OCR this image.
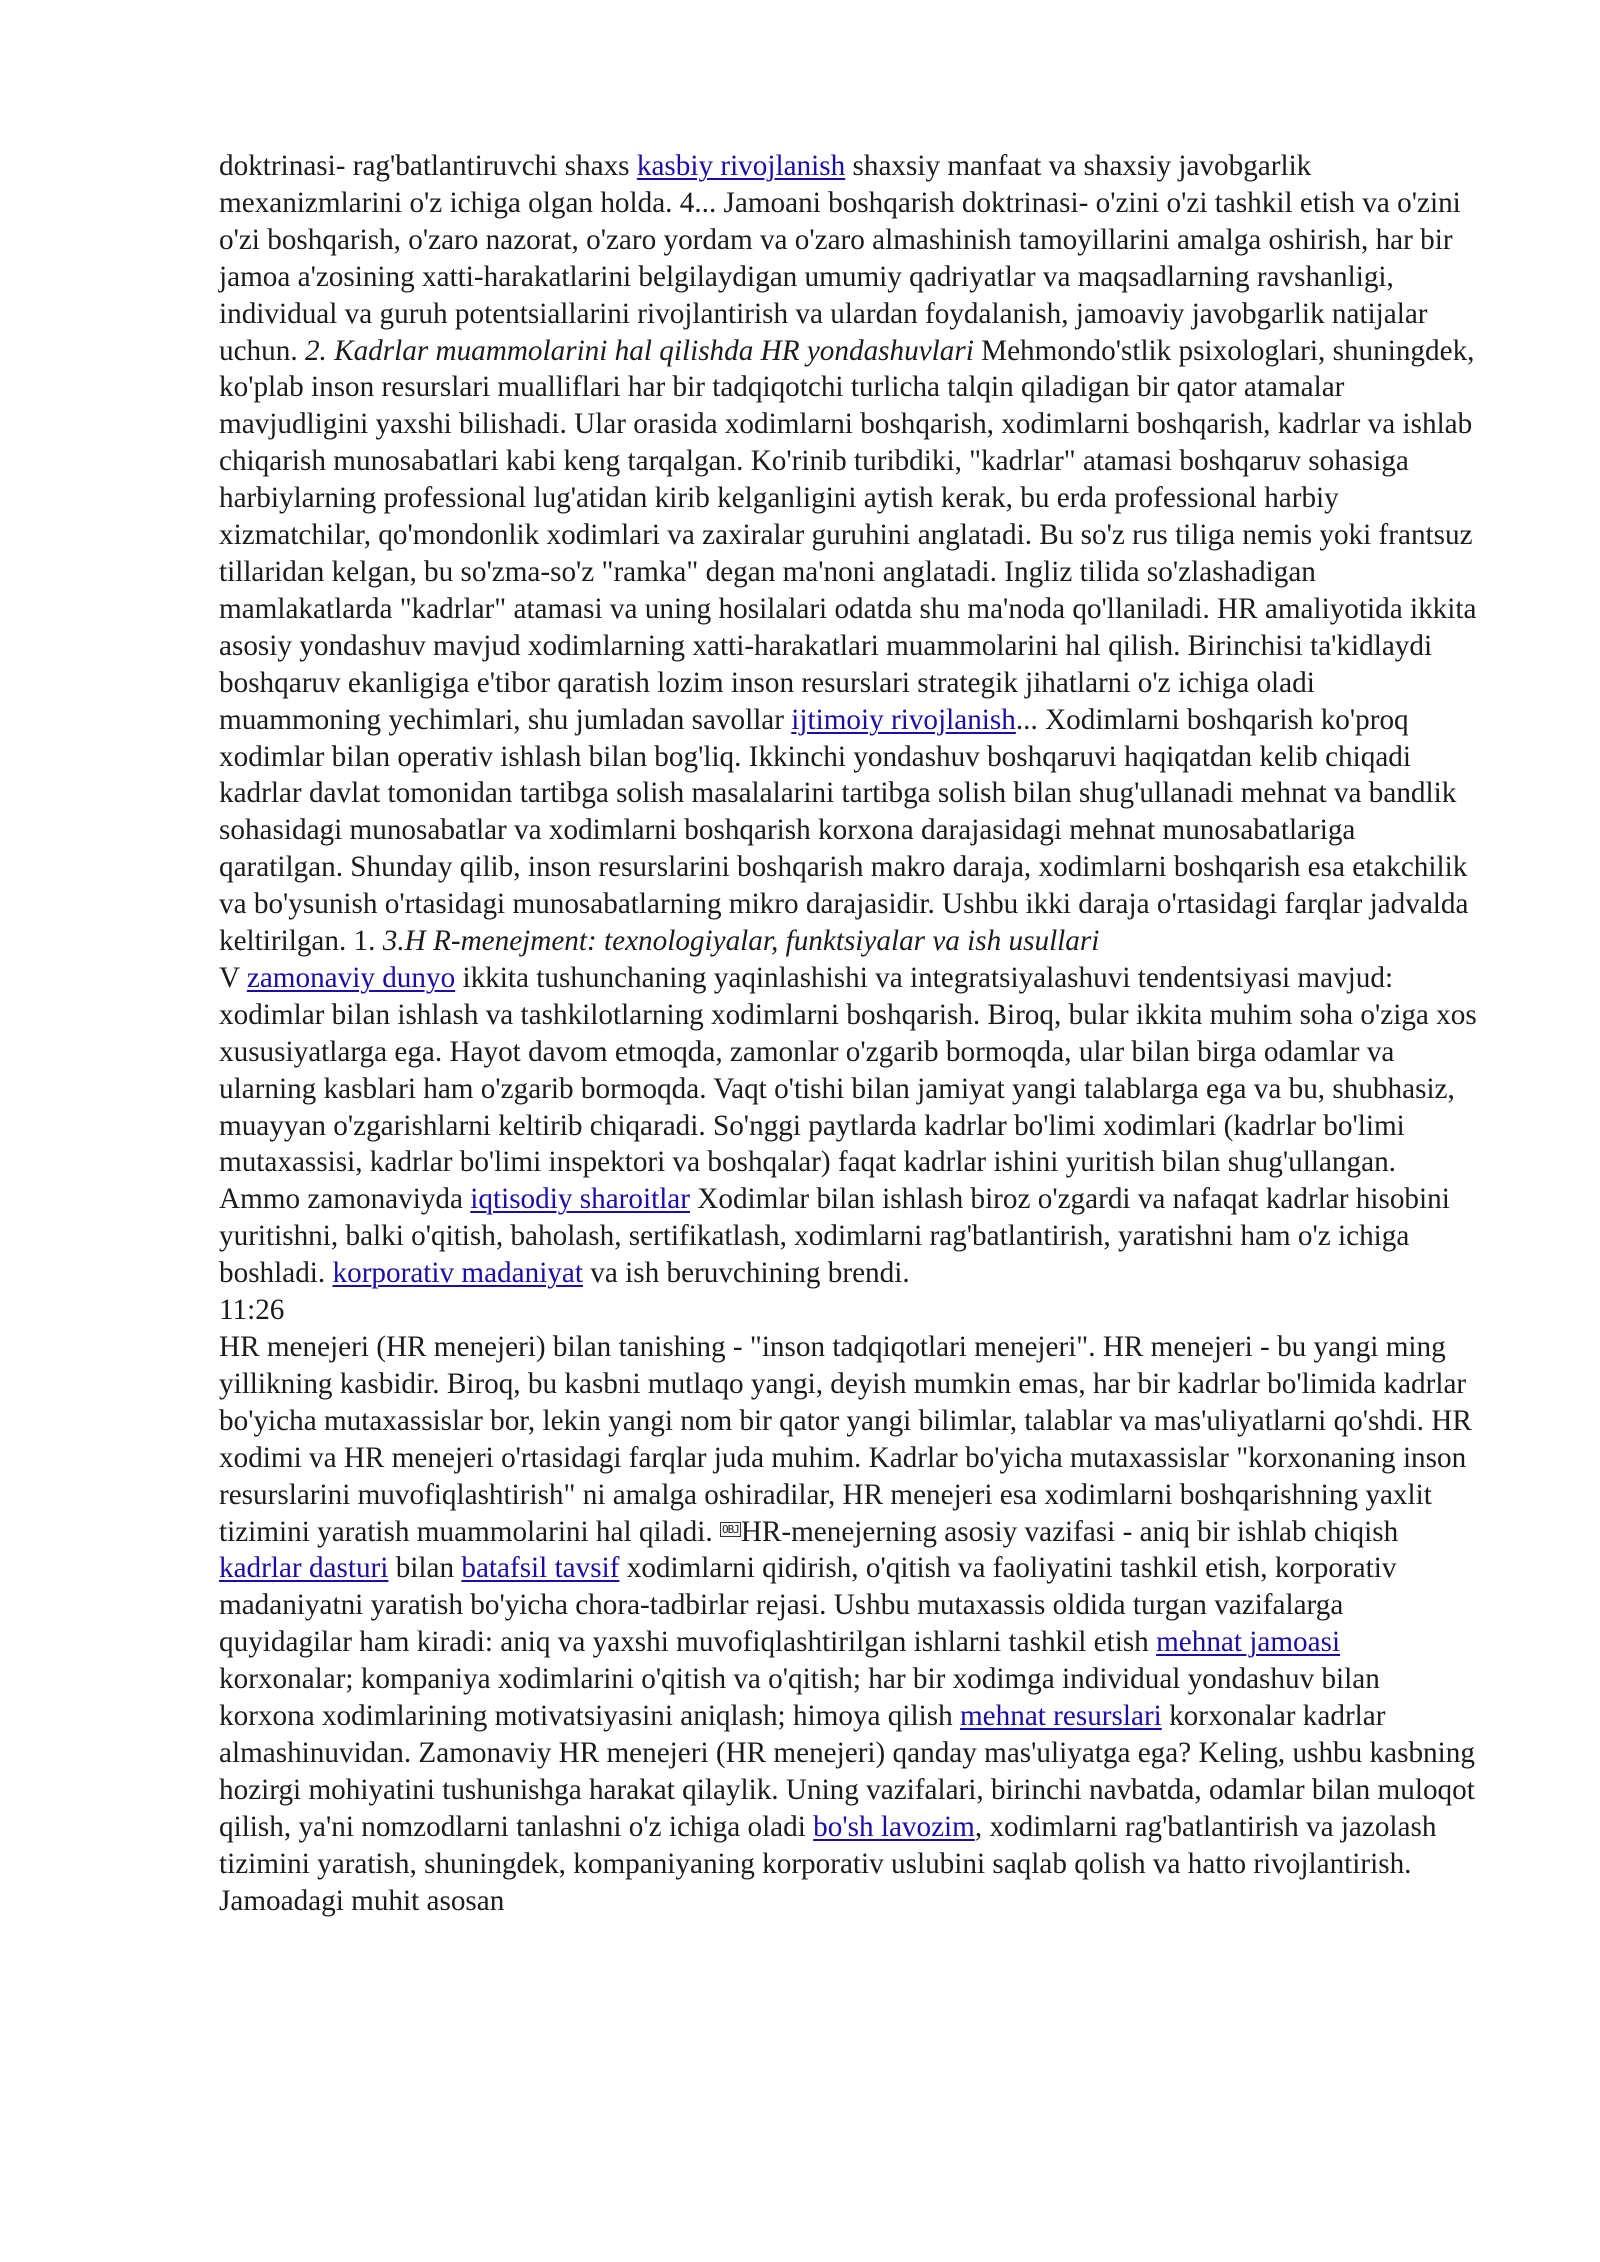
doktrinasi- rag'batlantiruvchi shaxs kasbiy rivojlanish shaxsiy manfaat va shaxsiy javobgarlik mexanizmlarini o'z ichiga olgan holda. 4... Jamoani boshqarish doktrinasi- o'zini o'zi tashkil etish va o'zini o'zi boshqarish, o'zaro nazorat, o'zaro yordam va o'zaro almashinish tamoyillarini amalga oshirish, har bir jamoa a'zosining xatti-harakatlarini belgilaydigan umumiy qadriyatlar va maqsadlarning ravshanligi, individual va guruh potentsiallarini rivojlantirish va ulardan foydalanish, jamoaviy javobgarlik natijalar uchun. 2. Kadrlar muammolarini hal qilishda HR yondashuvlari Mehmondo'stlik psixologlari, shuningdek, ko'plab inson resurslari mualliflari har bir tadqiqotchi turlicha talqin qiladigan bir qator atamalar mavjudligini yaxshi bilishadi. Ular orasida xodimlarni boshqarish, xodimlarni boshqarish, kadrlar va ishlab chiqarish munosabatlari kabi keng tarqalgan. Ko'rinib turibdiki, "kadrlar" atamasi boshqaruv sohasiga harbiylarning professional lug'atidan kirib kelganligini aytish kerak, bu erda professional harbiy xizmatchilar, qo'mondonlik xodimlari va zaxiralar guruhini anglatadi. Bu so'z rus tiliga nemis yoki frantsuz tillaridan kelgan, bu so'zma-so'z "ramka" degan ma'noni anglatadi. Ingliz tilida so'zlashadigan mamlakatlarda "kadrlar" atamasi va uning hosilalari odatda shu ma'noda qo'llaniladi. HR amaliyotida ikkita asosiy yondashuv mavjud xodimlarning xatti-harakatlari muammolarini hal qilish. Birinchisi ta'kidlaydi boshqaruv ekanligiga e'tibor qaratish lozim inson resurslari strategik jihatlarni o'z ichiga oladi muammoning yechimlari, shu jumladan savollar ijtimoiy rivojlanish... Xodimlarni boshqarish ko'proq xodimlar bilan operativ ishlash bilan bog'liq. Ikkinchi yondashuv boshqaruvi haqiqatdan kelib chiqadi kadrlar davlat tomonidan tartibga solish masalalarini tartibga solish bilan shug'ullanadi mehnat va bandlik sohasidagi munosabatlar va xodimlarni boshqarish korxona darajasidagi mehnat munosabatlariga qaratilgan. Shunday qilib, inson resurslarini boshqarish makro daraja, xodimlarni boshqarish esa etakchilik va bo'ysunish o'rtasidagi munosabatlarning mikro darajasidir. Ushbu ikki daraja o'rtasidagi farqlar jadvalda keltirilgan. 1. 3.H R-menejment: texnologiyalar, funktsiyalar va ish usullari
V zamonaviy dunyo ikkita tushunchaning yaqinlashishi va integratsiyalashuvi tendentsiyasi mavjud: xodimlar bilan ishlash va tashkilotlarning xodimlarni boshqarish. Biroq, bular ikkita muhim soha o'ziga xos xususiyatlarga ega. Hayot davom etmoqda, zamonlar o'zgarib bormoqda, ular bilan birga odamlar va ularning kasblari ham o'zgarib bormoqda. Vaqt o'tishi bilan jamiyat yangi talablarga ega va bu, shubhasiz, muayyan o'zgarishlarni keltirib chiqaradi. So'nggi paytlarda kadrlar bo'limi xodimlari (kadrlar bo'limi mutaxassisi, kadrlar bo'limi inspektori va boshqalar) faqat kadrlar ishini yuritish bilan shug'ullangan. Ammo zamonaviyda iqtisodiy sharoitlar Xodimlar bilan ishlash biroz o'zgardi va nafaqat kadrlar hisobini yuritishni, balki o'qitish, baholash, sertifikatlash, xodimlarni rag'batlantirish, yaratishni ham o'z ichiga boshladi. korporativ madaniyat va ish beruvchining brendi.

11:26

HR menejeri (HR menejeri) bilan tanishing - "inson tadqiqotlari menejeri". HR menejeri - bu yangi ming yillikning kasbidir. Biroq, bu kasbni mutlaqo yangi, deyish mumkin emas, har bir kadrlar bo'limida kadrlar bo'yicha mutaxassislar bor, lekin yangi nom bir qator yangi bilimlar, talablar va mas'uliyatlarni qo'shdi. HR xodimi va HR menejeri o'rtasidagi farqlar juda muhim. Kadrlar bo'yicha mutaxassislar "korxonaning inson resurslarini muvofiqlashtirish" ni amalga oshiradilar, HR menejeri esa xodimlarni boshqarishning yaxlit tizimini yaratish muammolarini hal qiladi. OBJHR-menejerning asosiy vazifasi - aniq bir ishlab chiqish kadrlar dasturi bilan batafsil tavsif xodimlarni qidirish, o'qitish va faoliyatini tashkil etish, korporativ madaniyatni yaratish bo'yicha chora-tadbirlar rejasi. Ushbu mutaxassis oldida turgan vazifalarga quyidagilar ham kiradi: aniq va yaxshi muvofiqlashtirilgan ishlarni tashkil etish mehnat jamoasi korxonalar; kompaniya xodimlarini o'qitish va o'qitish; har bir xodimga individual yondashuv bilan korxona xodimlarining motivatsiyasini aniqlash; himoya qilish mehnat resurslari korxonalar kadrlar almashinuvidan. Zamonaviy HR menejeri (HR menejeri) qanday mas'uliyatga ega? Keling, ushbu kasbning hozirgi mohiyatini tushunishga harakat qilaylik. Uning vazifalari, birinchi navbatda, odamlar bilan muloqot qilish, ya'ni nomzodlarni tanlashni o'z ichiga oladi bo'sh lavozim, xodimlarni rag'batlantirish va jazolash tizimini yaratish, shuningdek, kompaniyaning korporativ uslubini saqlab qolish va hatto rivojlantirish. Jamoadagi muhit asosan
